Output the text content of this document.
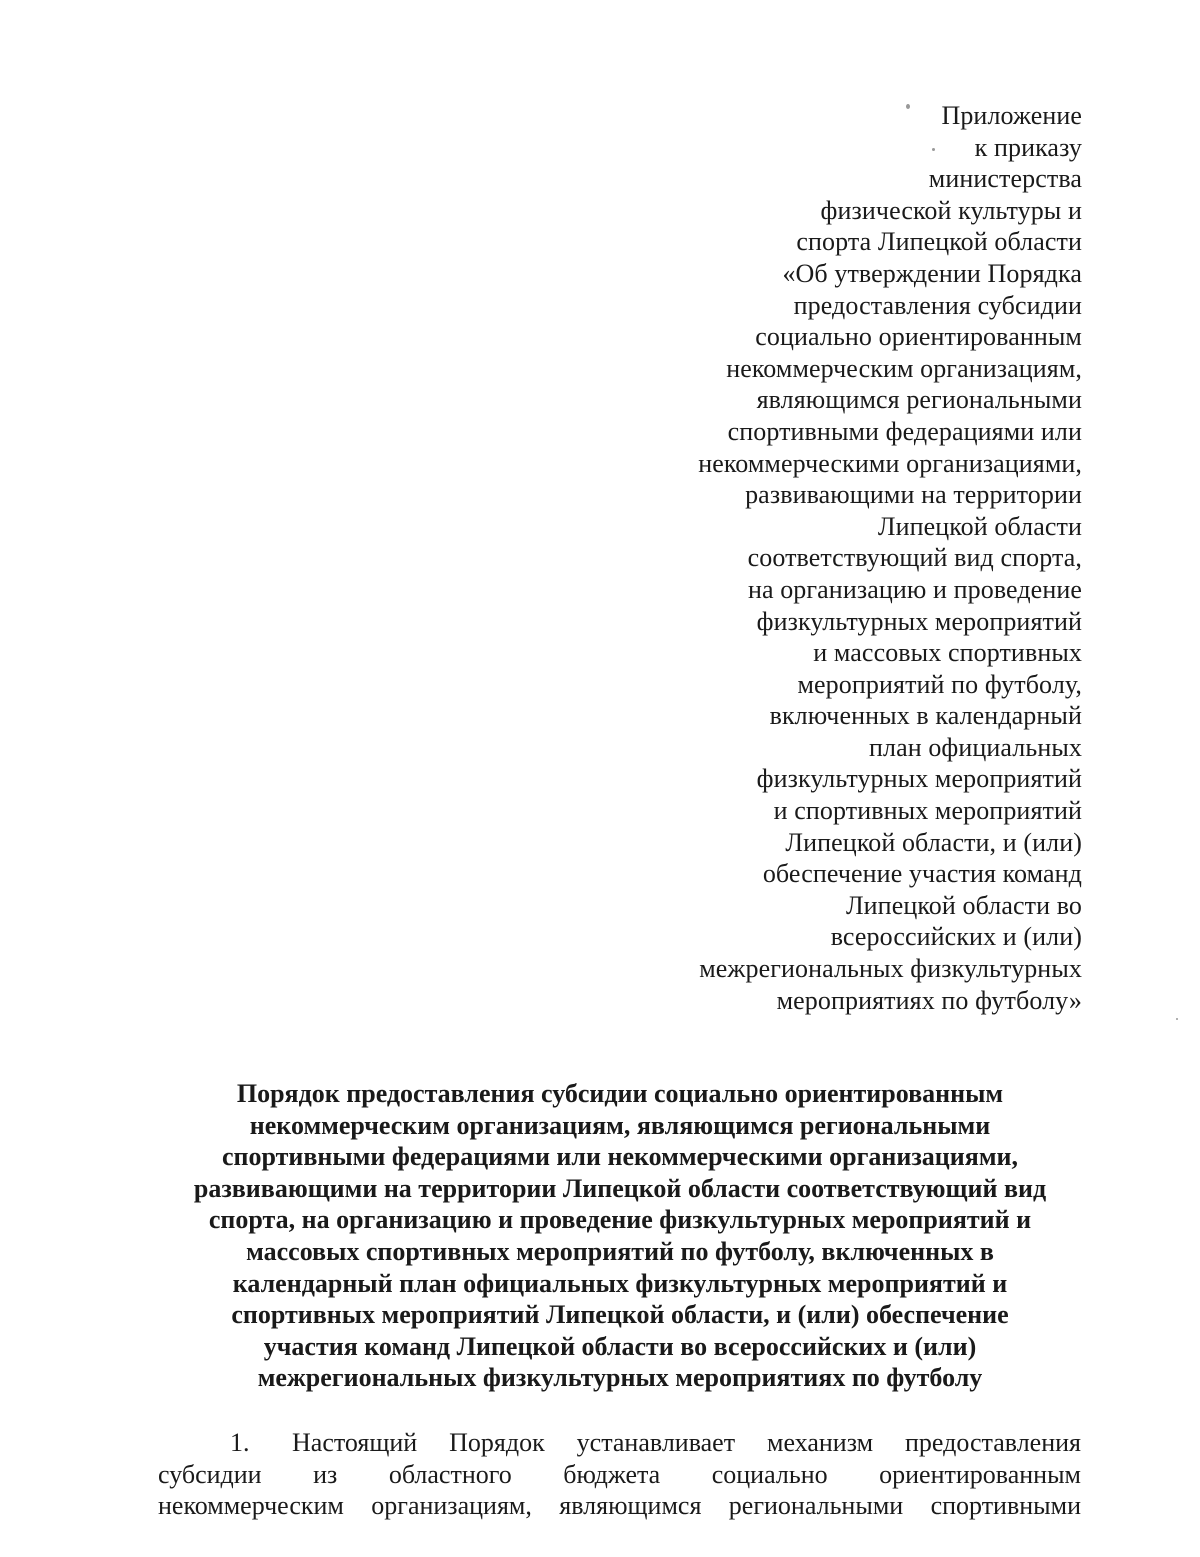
Приложение
к приказу
министерства
физической культуры и
спорта Липецкой области
«Об утверждении Порядка
предоставления субсидии
социально ориентированным
некоммерческим организациям,
являющимся региональными
спортивными федерациями или
некоммерческими организациями,
развивающими на территории
Липецкой области
соответствующий вид спорта,
на организацию и проведение
физкультурных мероприятий
и массовых спортивных
мероприятий по футболу,
включенных в календарный
план официальных
физкультурных мероприятий
и спортивных мероприятий
Липецкой области, и (или)
обеспечение участия команд
Липецкой области во
всероссийских и (или)
межрегиональных физкультурных
мероприятиях по футболу»
Порядок предоставления субсидии социально ориентированным
некоммерческим организациям, являющимся региональными
спортивными федерациями или некоммерческими организациями,
развивающими на территории Липецкой области соответствующий вид
спорта, на организацию и проведение физкультурных мероприятий и
массовых спортивных мероприятий по футболу, включенных в
календарный план официальных физкультурных мероприятий и
спортивных мероприятий Липецкой области, и (или) обеспечение
участия команд Липецкой области во всероссийских и (или)
межрегиональных физкультурных мероприятиях по футболу
1. Настоящий Порядок устанавливает механизм предоставления
субсидии из областного бюджета социально ориентированным
некоммерческим организациям, являющимся региональными спортивными
